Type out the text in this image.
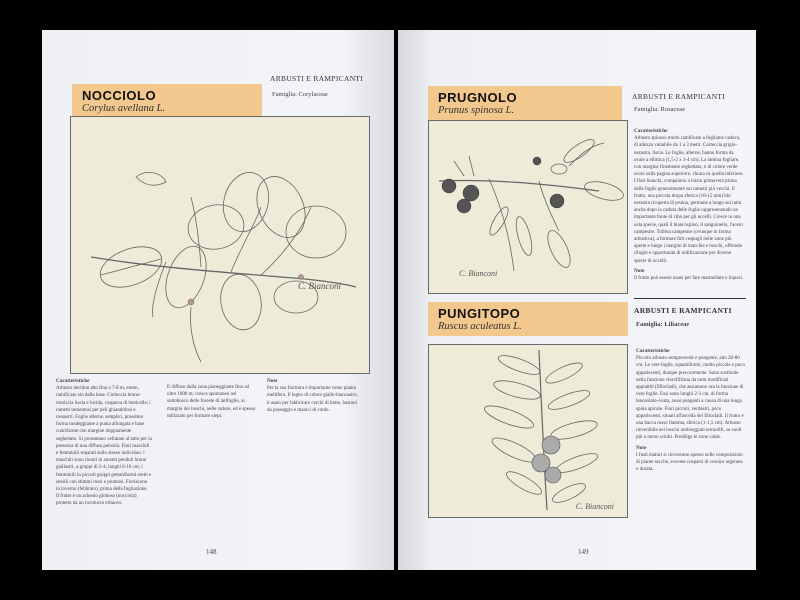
NOCCIOLO
Corylus avellana L.
ARBUSTI E RAMPICANTI
Famiglia: Corylaceae
C. Bianconi
Caratteristiche
Arbusto deciduo alto fino a 7-8 m, eretto, ramificato sin dalla base. Corteccia bruno-rossiccia liscia e lucida, cosparsa di lenticelle; i rametti tomentosi per peli ghiandolosi e rossastri. Foglie alterne, semplici, prossimo forma tondeggiante a punta allungata e base cuoriforme con margine doppiamente seghettato. Si presentano vellutate al tatto per la presenza di una diffusa pelosità. Fiori maschili e femminili separati sullo stesso individuo: i maschili sono riuniti in amenti penduli bruno giallastri, a gruppi di 2-4, lunghi 6-10 cm; i femminili in piccoli gruppi gemmiformi eretti e sessili con stimmi rossi e piumosi. Fioriscono in inverno (febbraio), prima della fogliazione. Il frutto è un achenio globoso (nocciola) protetto da un involucro erbaceo.
È diffuso dalla zona pianeggiante fino ad oltre 1000 m; cresce spontaneo nel sottobosco delle foreste di latifoglie, ai margini dei boschi, nelle radure, ed è spesso utilizzato per formare siepi.
Note
Per la sua fioritura è importante come pianta mellifera. Il legno di colore giallo-biancastro, è usato per fabbricare cerchi di botte, bastoni da passeggio e manici di corde.
148
PRUGNOLO
Prunus spinosa L.
ARBUSTI E RAMPICANTI
Famiglia: Rosaceae
C. Bianconi
Caratteristiche
Arbusto spinoso molto ramificato a fogliame caduco, di altezza variabile da 1 a 3 metri. Corteccia grigio-nerastra, liscia. Le foglie, alterne, hanno forma da ovale a ellittica (1,5-2 x 3-4 cm). La lamina fogliare, con margine finemente seghettato, è di colore verde scuro sulla pagina superiore, chiara su quella inferiore. I fiori bianchi, compaiono a inizio primavera prima delle foglie generalmente sui rametti più vecchi. Il frutto, una piccola drupa sferica (10-15 mm) blu nerastra ricoperta di pruina, permane a lungo sui rami anche dopo la caduta delle foglie rappresentando un importante fonte di cibo per gli uccelli. Cresce in una sola specie, quali il biancospino, il sanguinello, l'acero campestre. Tollera campestre (ovunque in forma arbustiva), a formare fitti cespugli nelle zone più aperte e lungo i margini di macchie e boschi, offrendo rifugio e opportunità di nidificazione per diverse specie di uccelli.
Note
Il frutto può essere usato per fare marmellate e liquori.
PUNGITOPO
Ruscus aculeatus L.
ARBUSTI E RAMPICANTI
Famiglia: Liliaceae
C. Bianconi
Caratteristiche
Piccolo arbusto sempreverde e pungente, alto 20-80 cm. Le vere foglie, squamiformi, molto piccole e poco appariscenti, dunque precocemente. Sono sostituite nella funzione clorofilliana da rami modificati appiattiti (fillocladi), che assumono ora la funzione di vere foglie. Essi sono lunghi 2-3 cm, di forma lanceolato-ovata, assai pungenti a causa di una lunga spina apicale. Fiori piccoli, verdastri, poco appariscenti, situati all'ascella dei fillocladi. Il frutto è una bacca rosso fiamma, sferica (1-1,5 cm). Arbusto rinvenibile nei boschi ombreggiati termofili, su suoli più o meno sciolti. Predilige le zone calde.
Note
I fusti maturi si ricoverano spesso nelle composizioni di piante secche, sovente cosparsi di vernice argentea o dorata.
149
